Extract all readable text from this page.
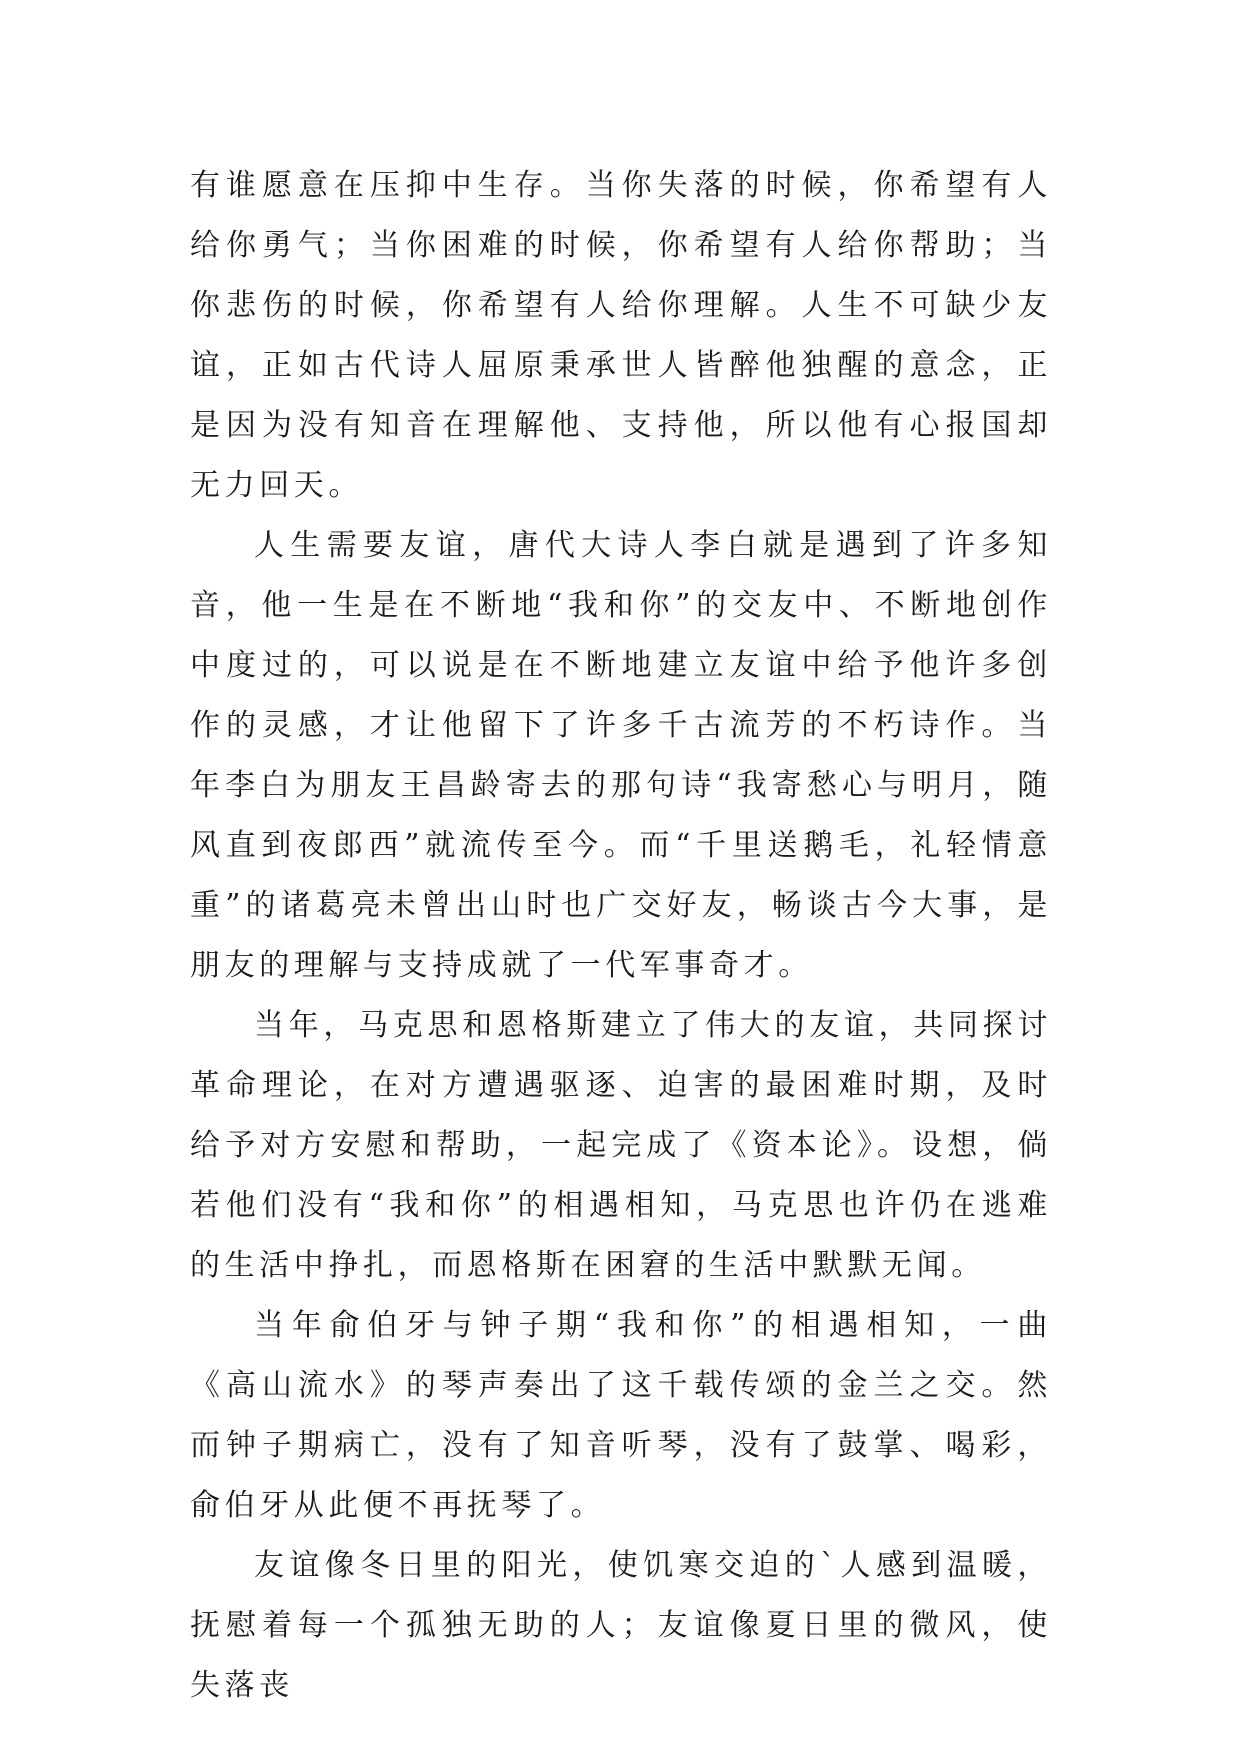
有谁愿意在压抑中生存。当你失落的时候，你希望有人给你勇气；当你困难的时候，你希望有人给你帮助；当你悲伤的时候，你希望有人给你理解。人生不可缺少友谊，正如古代诗人屈原秉承世人皆醉他独醒的意念，正是因为没有知音在理解他、支持他，所以他有心报国却无力回天。

人生需要友谊，唐代大诗人李白就是遇到了许多知音，他一生是在不断地“我和你”的交友中、不断地创作中度过的，可以说是在不断地建立友谊中给予他许多创作的灵感，才让他留下了许多千古流芳的不朽诗作。当年李白为朋友王昌龄寄去的那句诗“我寄愁心与明月，随风直到夜郎西”就流传至今。而“千里送鹅毛，礼轻情意重”的诸葛亮未曾出山时也广交好友，畅谈古今大事，是朋友的理解与支持成就了一代军事奇才。

当年，马克思和恩格斯建立了伟大的友谊，共同探讨革命理论，在对方遭遇驱逐、迫害的最困难时期，及时给予对方安慰和帮助，一起完成了《资本论》。设想，倘若他们没有“我和你”的相遇相知，马克思也许仍在逃难的生活中挣扎，而恩格斯在困窘的生活中默默无闻。

当年俞伯牙与钟子期“我和你”的相遇相知，一曲《高山流水》的琴声奏出了这千载传颂的金兰之交。然而钟子期病亡，没有了知音听琴，没有了鼓掌、喝彩，俞伯牙从此便不再抚琴了。

友谊像冬日里的阳光，使饥寒交迫的`人感到温暖，抚慰着每一个孤独无助的人；友谊像夏日里的微风，使失落丧
